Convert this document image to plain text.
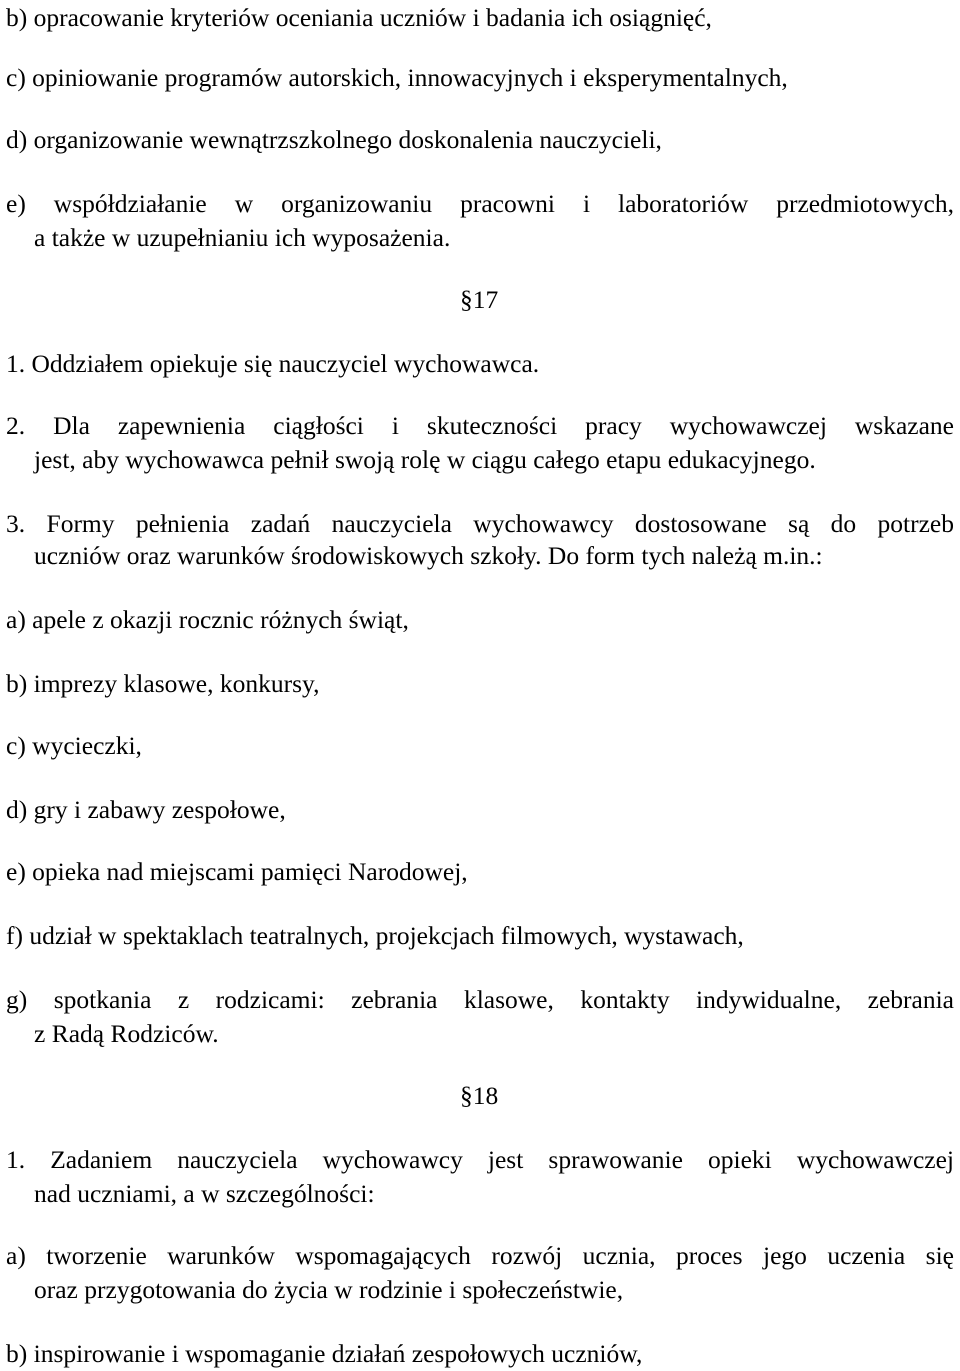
b) opracowanie kryteriów oceniania uczniów i badania ich osiągnięć,
c) opiniowanie programów autorskich, innowacyjnych i eksperymentalnych,
d) organizowanie wewnątrzszkolnego doskonalenia nauczycieli,
e) współdziałanie w organizowaniu pracowni i laboratoriów przedmiotowych,
a także w uzupełnianiu ich wyposażenia.
§17
1. Oddziałem opiekuje się nauczyciel wychowawca.
2. Dla zapewnienia ciągłości i skuteczności pracy wychowawczej wskazane
jest, aby wychowawca pełnił swoją rolę w ciągu całego etapu edukacyjnego.
3. Formy pełnienia zadań nauczyciela wychowawcy dostosowane są do potrzeb
uczniów oraz warunków środowiskowych szkoły. Do form tych należą m.in.:
a) apele z okazji rocznic różnych świąt,
b) imprezy klasowe, konkursy,
c) wycieczki,
d) gry i zabawy zespołowe,
e) opieka nad miejscami pamięci Narodowej,
f) udział w spektaklach teatralnych, projekcjach filmowych, wystawach,
g) spotkania z rodzicami: zebrania klasowe, kontakty indywidualne, zebrania
z Radą Rodziców.
§18
1. Zadaniem nauczyciela wychowawcy jest sprawowanie opieki wychowawczej
nad uczniami, a w szczególności:
a) tworzenie warunków wspomagających rozwój ucznia, proces jego uczenia się
oraz przygotowania do życia w rodzinie i społeczeństwie,
b) inspirowanie i wspomaganie działań zespołowych uczniów,
